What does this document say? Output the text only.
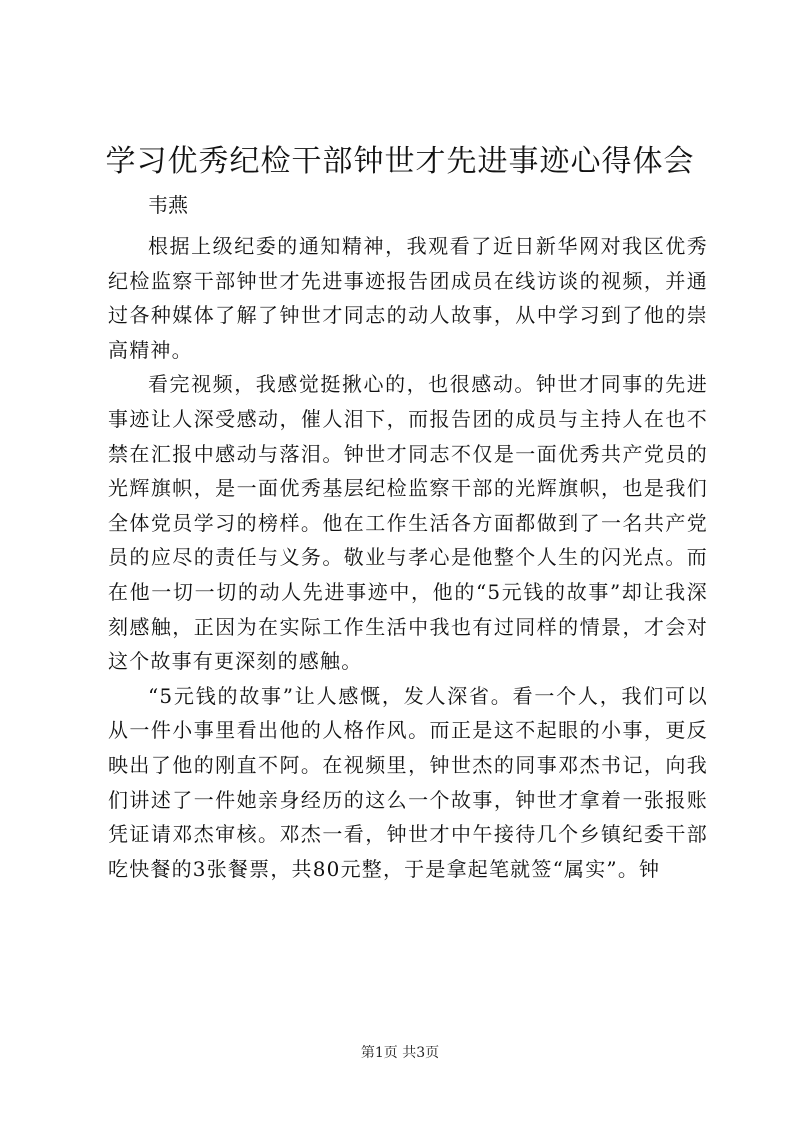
学习优秀纪检干部钟世才先进事迹心得体会

韦燕

根据上级纪委的通知精神，我观看了近日新华网对我区优秀纪检监察干部钟世才先进事迹报告团成员在线访谈的视频，并通过各种媒体了解了钟世才同志的动人故事，从中学习到了他的崇高精神。

看完视频，我感觉挺揪心的，也很感动。钟世才同事的先进事迹让人深受感动，催人泪下，而报告团的成员与主持人在也不禁在汇报中感动与落泪。钟世才同志不仅是一面优秀共产党员的光辉旗帜，是一面优秀基层纪检监察干部的光辉旗帜，也是我们全体党员学习的榜样。他在工作生活各方面都做到了一名共产党员的应尽的责任与义务。敬业与孝心是他整个人生的闪光点。而在他一切一切的动人先进事迹中，他的“5元钱的故事”却让我深刻感触，正因为在实际工作生活中我也有过同样的情景，才会对这个故事有更深刻的感触。

“5元钱的故事”让人感慨，发人深省。看一个人，我们可以从一件小事里看出他的人格作风。而正是这不起眼的小事，更反映出了他的刚直不阿。在视频里，钟世杰的同事邓杰书记，向我们讲述了一件她亲身经历的这么一个故事，钟世才拿着一张报账凭证请邓杰审核。邓杰一看，钟世才中午接待几个乡镇纪委干部吃快餐的3张餐票，共80元整，于是拿起笔就签“属实”。钟

第1页 共3页
